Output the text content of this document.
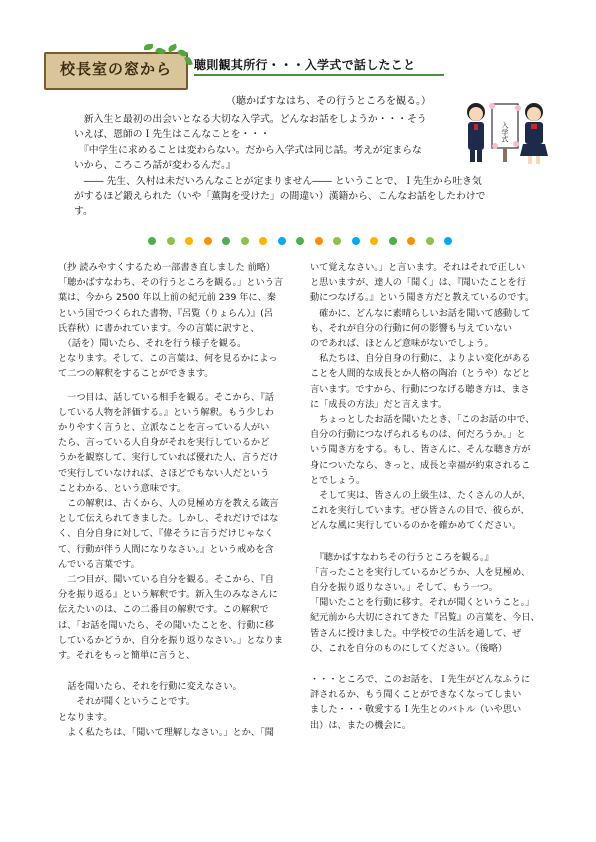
校長室の窓から	聴則観其所行・・・入学式で話したこと
（聴かばすなはち、その行うところを観る。）
入学式

　新入生と最初の出会いとなる大切な入学式。どんなお話をしようか・・・そう

いえば、恩師のＩ先生はこんなことを・・・

　『中学生に求めることは変わらない。だから入学式は同じ話。考えが定まらな

いから、ころころ話が変わるんだ。』

　―― 先生、久村は未だいろんなことが定まりません―― ということで、Ｉ先生から吐き気

がするほど鍛えられた（いや「薫陶を受けた」の間違い）漢籍から、こんなお話をしたわけで

す。

（抄 読みやすくするため一部書き直しました 前略）

「聴かばすなわち、その行うところを観る。」という言

葉は、今から 2500 年以上前の紀元前 239 年に、秦

という国でつくられた書物、『呂覧（りょらん）』(呂

氏春秋）に書かれています。今の言葉に訳すと、

　（話を）聞いたら、それを行う様子を観る。

となります。そして、この言葉は、何を見るかによっ

て二つの解釈をすることができます。

　一つ目は、話している相手を観る。そこから、『話

している人物を評価する。』という解釈。もう少しわ

かりやすく言うと、立派なことを言っている人がい

たら、言っている人自身がそれを実行しているかど

うかを観察して、実行していれば優れた人、言うだけ

で実行していなければ、さほどでもない人だという

ことわかる、という意味です。

　この解釈は、古くから、人の見極め方を教える箴言

として伝えられてきました。しかし、それだけではな

く、自分自身に対して、『偉そうに言うだけじゃなく

て、行動が伴う人間になりなさい。』という戒めを含

んでいる言葉です。

　二つ目が、聞いている自分を観る。そこから、『自

分を振り返る』という解釈です。新入生のみなさんに

伝えたいのは、この二番目の解釈です。この解釈で

は、「お話を聞いたら、その聞いたことを、行動に移

しているかどうか、自分を振り返りなさい。」となりま

す。それをもっと簡単に言うと、

　話を聞いたら、それを行動に変えなさい。

　　それが聞くということです。

となります。

　よく私たちは、「聞いて理解しなさい。」とか、「聞

いて覚えなさい。」と言います。それはそれで正しい

と思いますが、達人の「聞く」は、『聞いたことを行

動につなげる。』という聞き方だと教えているのです。

　確かに、どんなに素晴らしいお話を聞いて感動して

も、それが自分の行動に何の影響も与えていない

のであれば、ほとんど意味がないでしょう。

　私たちは、自分自身の行動に、よりよい変化がある

ことを人間的な成長とか人格の陶冶（とうや）などと

言います。ですから、行動につなげる聴き方は、まさ

に「成長の方法」だと言えます。

　ちょっとしたお話を聞いたとき、「このお話の中で、

自分の行動につなげられるものは、何だろうか。」と

いう聞き方をする。もし、皆さんに、そんな聴き方が

身についたなら、きっと、成長と幸福が約束されるこ

とでしょう。

　そして実は、皆さんの上級生は、たくさんの人が、

これを実行しています。ぜひ皆さんの目で、彼らが、

どんな風に実行しているのかを確かめてください。

　『聴かばすなわちその行うところを観る。』

「言ったことを実行しているかどうか、人を見極め、

自分を振り返りなさい。」そして、もう一つ。

「聞いたことを行動に移す。それが聞くということ。」

紀元前から大切にされてきた『呂覧』の言葉を、今日、

皆さんに授けました。中学校での生活を通して、ぜ

ひ、これを自分のものにしてください。（後略）

・・・ところで、このお話を、Ｉ先生がどんなふうに

評されるか、もう聞くことができなくなってしまい

ました・・・敬愛するＩ先生とのバトル（いや思い

出）は、またの機会に。
